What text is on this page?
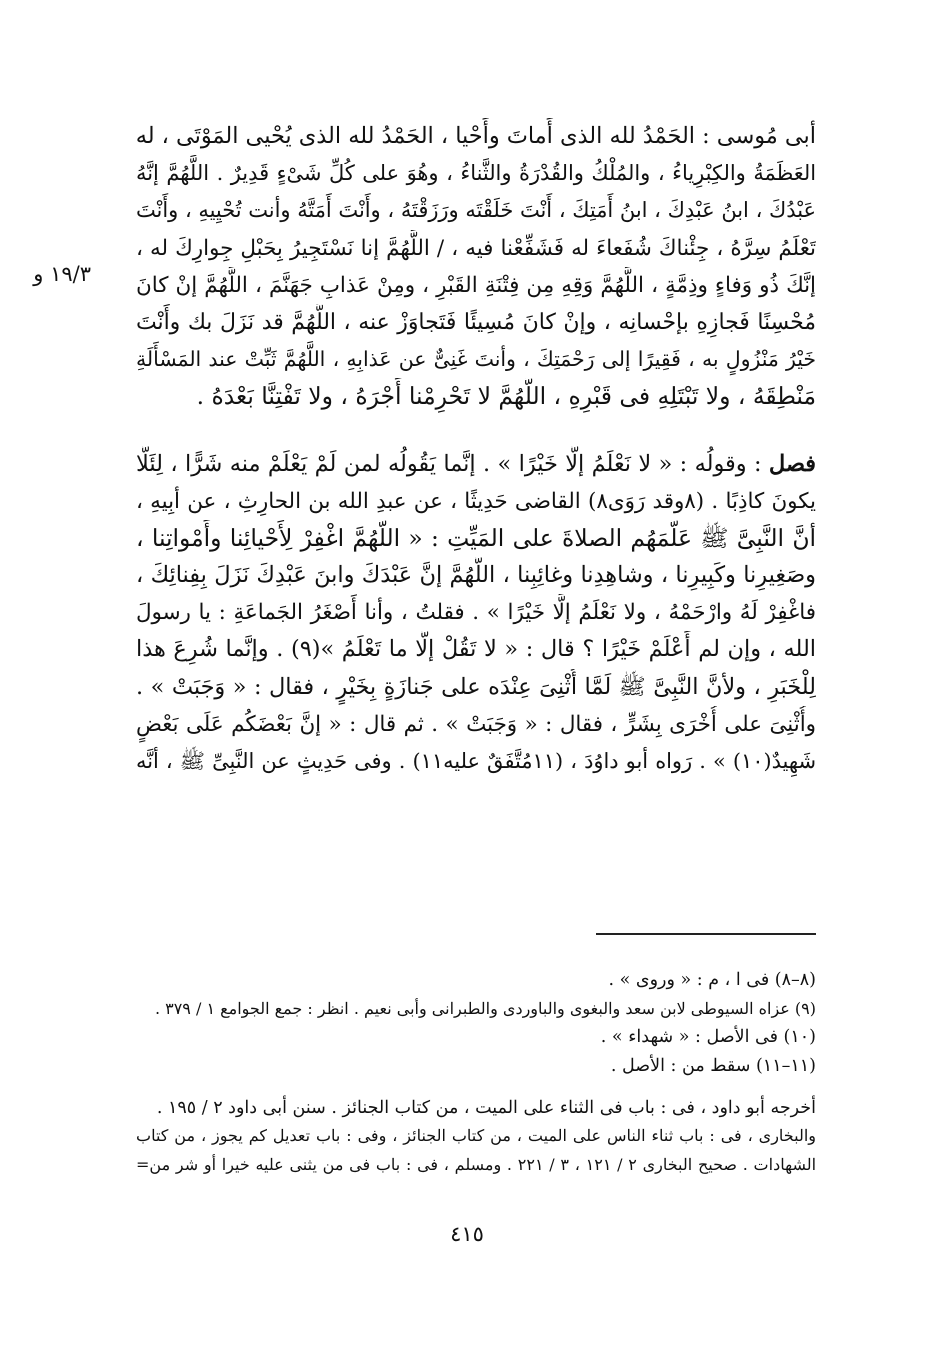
١٩/٣ و
أبى مُوسى : الحَمْدُ لله الذى أَماتَ وأَحْيا ، الحَمْدُ لله الذى يُحْيى المَوْتَى ، له
العَظَمَةُ والكِبْرِياءُ ، والمُلْكُ والقُدْرَةُ والثَّناءُ ، وهُوَ على كُلِّ شَىْءٍ قَدِيرٌ . اللَّهُمَّ إنَّهُ
عَبْدُكَ ، ابنُ عَبْدِكَ ، ابنُ أَمَتِكَ ، أَنْتَ خَلَقْتَه ورَزَقْتَهُ ، وأَنْتَ أَمَتَّهُ وأنت تُحْيِيهِ ، وأَنْتَ
تَعْلَمُ سِرَّهُ ، جِئْناكَ شُفَعاءَ له فَشَفِّعْنا فيه ، / اللَّهُمَّ إنا نَسْتَجِيرُ بِحَبْلِ جِوارِكَ له ،
إنَّكَ ذُو وَفاءٍ وذِمَّةٍ ، اللَّهُمَّ وَقِهِ مِن فِتْنَةِ القَبْرِ ، ومِنْ عَذابِ جَهَنَّمَ ، اللَّهُمَّ إنْ كانَ
مُحْسِنًا فَجازِهِ بإحْسانِه ، وإنْ كانَ مُسِيئًا فَتَجاوَزْ عنه ، اللَّهُمَّ قد نَزَلَ بك وأَنْتَ
خَيْرُ مَنْزُولٍ به ، فَقِيرًا إلى رَحْمَتِكَ ، وأنتَ غَنِىٌّ عن عَذابِهِ ، اللَّهُمَّ ثَبِّتْ عند المَسْأَلَةِ
مَنْطِقَهُ ، ولا تَبْتَلِهِ فى قَبْرِهِ ، اللَّهُمَّ لا تَحْرِمْنا أَجْرَهُ ، ولا تَفْتِنَّا بَعْدَهُ .
فصل : وقولُه : « لا نَعْلَمُ إلَّا خَيْرًا » . إنَّما يَقُولُه لمن لَمْ يَعْلَمْ منه شَرًّا ، لِئَلَّا
يكونَ كاذِبًا . (٨وقد رَوَى٨) القاضى حَدِيثًا ، عن عبدِ الله بن الحارِثِ ، عن أبِيهِ ،
أنَّ النَّبِىَّ ﷺ عَلَّمَهُم الصلاةَ على المَيِّتِ : « اللَّهُمَّ اغْفِرْ لِأَحْيائِنا وأَمْواتِنا ،
وصَغِيرِنا وكَبِيرِنا ، وشاهِدِنا وغائِبِنا ، اللَّهُمَّ إنَّ عَبْدَكَ وابنَ عَبْدِكَ نَزَلَ بِفِنائِكَ ،
فاغْفِرْ لَهُ وارْحَمْهُ ، ولا نَعْلَمُ إلَّا خَيْرًا » . فقلتُ ، وأنا أَصْغَرُ الجَماعَةِ : يا رسولَ
الله ، وإن لم أَعْلَمْ خَيْرًا ؟ قال : « لا تَقُلْ إلَّا ما تَعْلَمُ »(٩) . وإنَّما شُرِعَ هذا
لِلْخَبَرِ ، ولأنَّ النَّبِىَّ ﷺ لَمَّا أُثْنِىَ عِنْدَه على جَنازَةٍ بِخَيْرٍ ، فقال : « وَجَبَتْ » .
وأُثْنِىَ على أُخْرَى بِشَرٍّ ، فقال : « وَجَبَتْ » . ثم قال : « إنَّ بَعْضَكُم عَلَى بَعْضٍ
شَهِيدٌ(١٠) » . رَواه أبو داوُدَ ، (١١مُتَّفَقٌ عليه١١) . وفى حَدِيثٍ عن النَّبِىِّ ﷺ ، أنَّه
(٨–٨) فى ا ، م : « وروى » .
(٩) عزاه السيوطى لابن سعد والبغوى والباوردى والطبرانى وأبى نعيم . انظر : جمع الجوامع ١ / ٣٧٩ .
(١٠) فى الأصل : « شهداء » .
(١١–١١) سقط من : الأصل .
أخرجه أبو داود ، فى : باب فى الثناء على الميت ، من كتاب الجنائز . سنن أبى داود ٢ / ١٩٥ .
والبخارى ، فى : باب ثناء الناس على الميت ، من كتاب الجنائز ، وفى : باب تعديل كم يجوز ، من كتاب
الشهادات . صحيح البخارى ٢ / ١٢١ ، ٣ / ٢٢١ . ومسلم ، فى : باب فى من يثنى عليه خيرا أو شر من=
٤١٥
